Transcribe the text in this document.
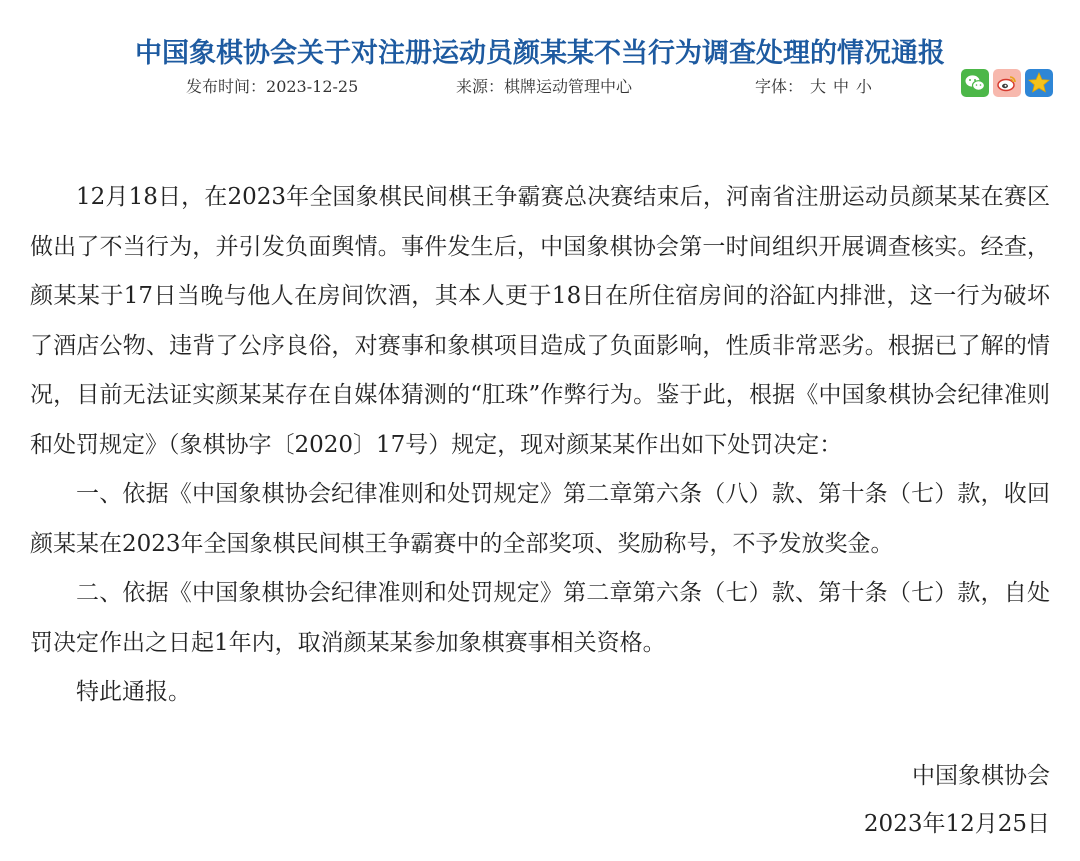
中国象棋协会关于对注册运动员颜某某不当行为调查处理的情况通报
发布时间：2023-12-25	来源：棋牌运动管理中心	字体： 大 中 小

12月18日，在2023年全国象棋民间棋王争霸赛总决赛结束后，河南省注册运动员颜某某在赛区做出了不当行为，并引发负面舆情。事件发生后，中国象棋协会第一时间组织开展调查核实。经查，颜某某于17日当晚与他人在房间饮酒，其本人更于18日在所住宿房间的浴缸内排泄，这一行为破坏了酒店公物、违背了公序良俗，对赛事和象棋项目造成了负面影响，性质非常恶劣。根据已了解的情况，目前无法证实颜某某存在自媒体猜测的“肛珠”作弊行为。鉴于此，根据《中国象棋协会纪律准则和处罚规定》（象棋协字〔2020〕17号）规定，现对颜某某作出如下处罚决定：

一、依据《中国象棋协会纪律准则和处罚规定》第二章第六条（八）款、第十条（七）款，收回颜某某在2023年全国象棋民间棋王争霸赛中的全部奖项、奖励称号，不予发放奖金。

二、依据《中国象棋协会纪律准则和处罚规定》第二章第六条（七）款、第十条（七）款，自处罚决定作出之日起1年内，取消颜某某参加象棋赛事相关资格。

特此通报。

中国象棋协会
2023年12月25日
